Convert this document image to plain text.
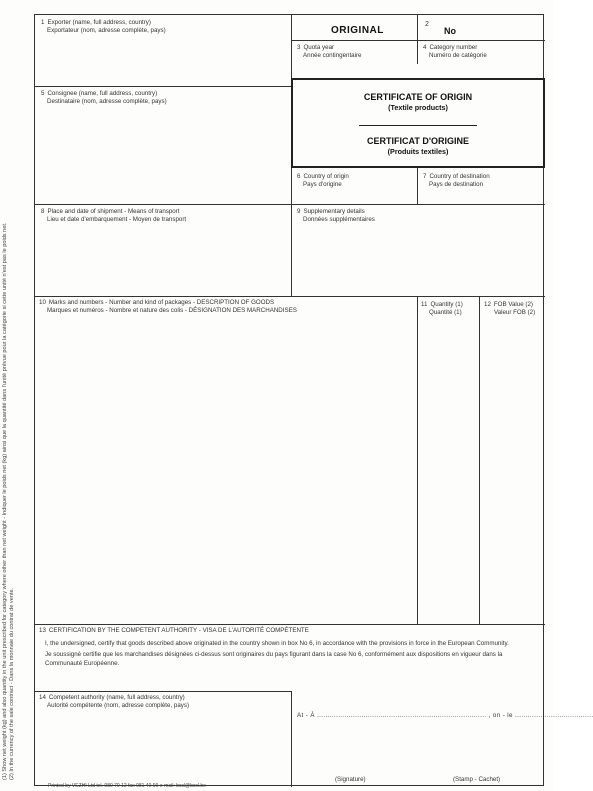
(1) Show net weight (kg) and also quantity in the unit prescribed for category where other than net weight - Indiquer le poids net (kg) ainsi que la quantité dans l'unité prévue pour la catégorie si cette unité n'est pas le poids net. (2) In the currency of the sale contract - Dans la monnaie du contrat de vente.
ORIGINAL
2
No
1 Exporter (name, full address, country)
Exportateur (nom, adresse complète, pays)
3 Quota year
Année contingentaire
4 Category number
Numéro de catégorie
5 Consignee (name, full address, country)
Destinataire (nom, adresse complète, pays)	CERTIFICATE OF ORIGIN
(Textile products)
CERTIFICAT D'ORIGINE
(Produits textiles)
6 Country of origin
Pays d'origine
7 Country of destination
Pays de destination
8 Place and date of shipment - Means of transport
Lieu et date d'embarquement - Moyen de transport
9 Supplementary details
Données supplémentaires
10 Marks and numbers - Number and kind of packages - DESCRIPTION OF GOODS
Marques et numéros - Nombre et nature des colis - DÉSIGNATION DES MARCHANDISES
11 Quantity (1)
Quantité (1)
12 FOB Value (2)
Valeur FOB (2)
13 CERTIFICATION BY THE COMPETENT AUTHORITY - VISA DE L'AUTORITÉ COMPÉTENTE
I, the undersigned, certify that goods described above originated in the country shown in box No 6, in accordance with the provisions in force in the European Community.
Je soussigné certifie que les marchandises désignées ci-dessus sont originaires du pays figurant dans la case No 6, conformément aux dispositions en vigueur dans la Communauté Européenne.
14 Competent authority (name, full address, country)
Autorité compétente (nom, adresse complète, pays)
At - À ................................................................................ , on - le .....................................
(Signature)	(Stamp - Cachet)
Printed by VEZHI Ltd tel. 980 70 12 fax 981 40 99 e-mail: bccl@bccl.be
